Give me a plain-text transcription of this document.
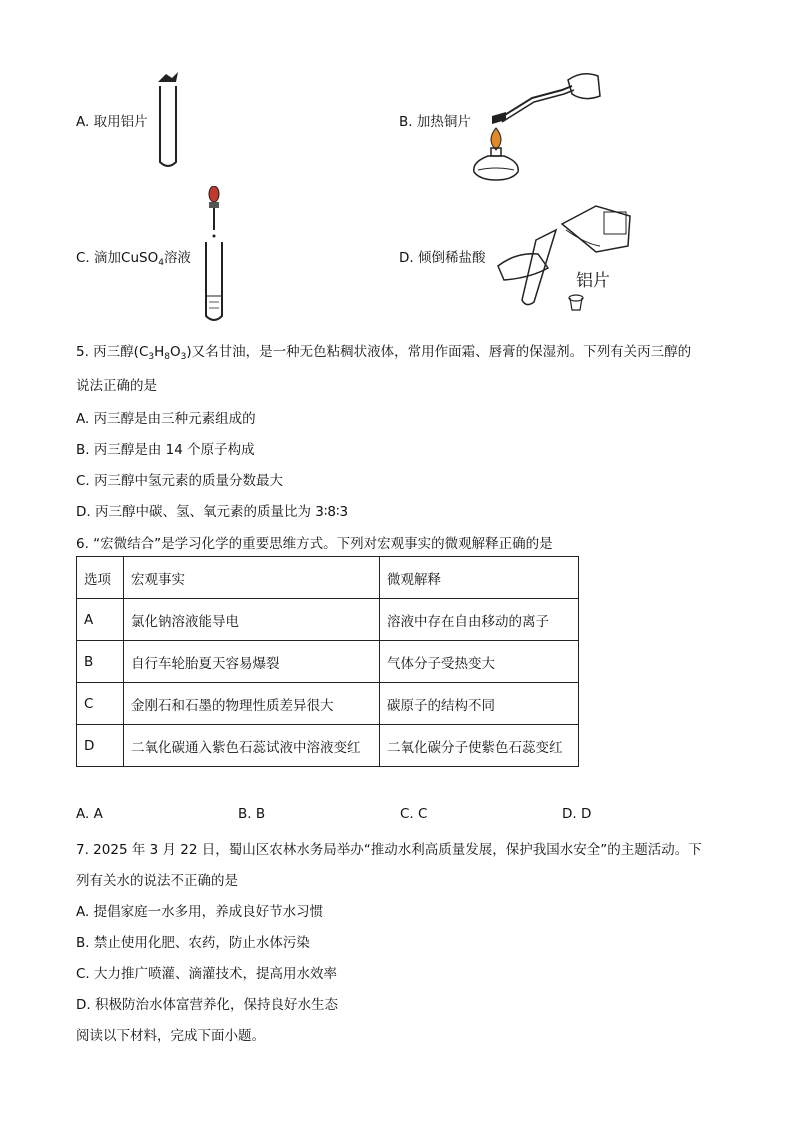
A. 取用铝片	B. 加热铜片
C. 滴加CuSO$_4$溶液	D. 倾倒稀盐酸
铝片
5. 丙三醇$(C_3H_8O_3)$又名甘油，是一种无色粘稠状液体，常用作面霜、唇膏的保湿剂。下列有关丙三醇的
说法正确的是
A. 丙三醇是由三种元素组成的
B. 丙三醇是由 14 个原子构成
C. 丙三醇中氢元素的质量分数最大
D. 丙三醇中碳、氢、氧元素的质量比为 3∶8∶3
6. “宏微结合”是学习化学的重要思维方式。下列对宏观事实的微观解释正确的是
选项	宏观事实	微观解释
A	氯化钠溶液能导电	溶液中存在自由移动的离子
B	自行车轮胎夏天容易爆裂	气体分子受热变大
C	金刚石和石墨的物理性质差异很大	碳原子的结构不同
D	二氧化碳通入紫色石蕊试液中溶液变红	二氧化碳分子使紫色石蕊变红
A. A	B. B	C. C	D. D
7. 2025 年 3 月 22 日，蜀山区农林水务局举办“推动水利高质量发展，保护我国水安全”的主题活动。下
列有关水的说法不正确的是
A. 提倡家庭一水多用，养成良好节水习惯
B. 禁止使用化肥、农药，防止水体污染
C. 大力推广喷灌、滴灌技术，提高用水效率
D. 积极防治水体富营养化，保持良好水生态
阅读以下材料，完成下面小题。
